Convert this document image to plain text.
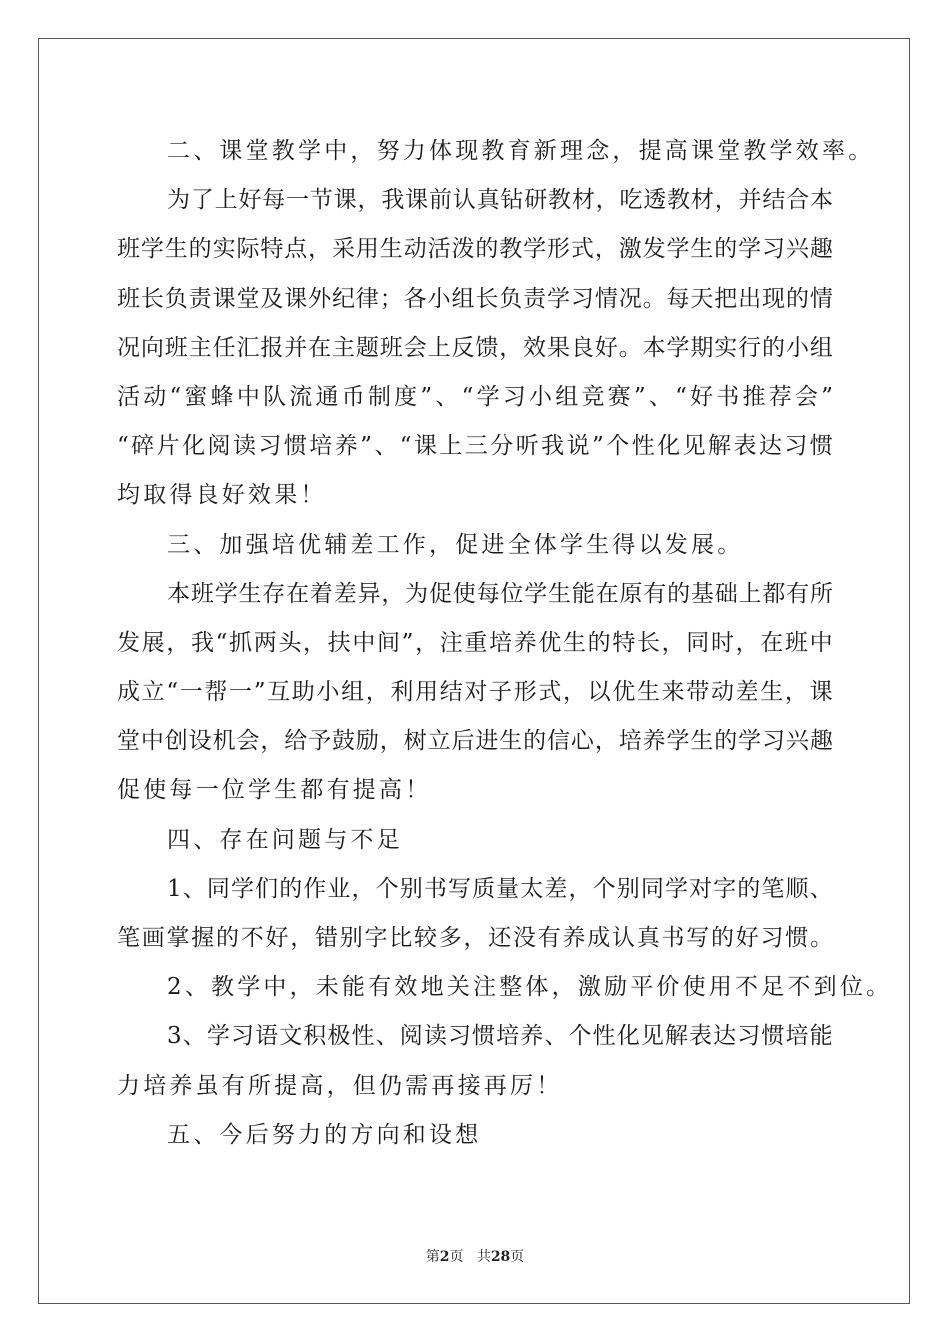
二、课堂教学中，努力体现教育新理念，提高课堂教学效率。
为 了 上 好 每 一 节 课 ， 我 课 前 认 真 钻 研 教 材 ， 吃 透 教 材 ， 并 结 合 本
班 学 生 的 实 际 特 点 ， 采 用 生 动 活 泼 的 教 学 形 式 ， 激 发 学 生 的 学 习 兴 趣
班 长 负 责 课 堂 及 课 外 纪 律 ； 各 小 组 长 负 责 学 习 情 况 。 每 天 把 出 现 的 情
况 向 班 主 任 汇 报 并 在 主 题 班 会 上 反 馈 ， 效 果 良 好 。 本 学 期 实 行 的 小 组
活 动 “ 蜜 蜂 中 队 流 通 币 制 度 ” 、 “ 学 习 小 组 竞 赛 ” 、 “ 好 书 推 荐 会 ”
“ 碎 片 化 阅 读 习 惯 培 养 ” 、 “ 课 上 三 分 听 我 说 ” 个 性 化 见 解 表 达 习 惯
均取得良好效果！
三、加强培优辅差工作，促进全体学生得以发展。
本 班 学 生 存 在 着 差 异 ， 为 促 使 每 位 学 生 能 在 原 有 的 基 础 上 都 有 所
发 展 ， 我 “ 抓 两 头 ， 扶 中 间 ” ， 注 重 培 养 优 生 的 特 长 ， 同 时 ， 在 班 中
成 立 “ 一 帮 一 ” 互 助 小 组 ， 利 用 结 对 子 形 式 ， 以 优 生 来 带 动 差 生 ， 课
堂 中 创 设 机 会 ， 给 予 鼓 励 ， 树 立 后 进 生 的 信 心 ， 培 养 学 生 的 学 习 兴 趣
促使每一位学生都有提高！
四、存在问题与不足
1 、 同 学 们 的 作 业 ， 个 别 书 写 质 量 太 差 ， 个 别 同 学 对 字 的 笔 顺 、
笔 画 掌 握 的 不 好 ， 错 别 字 比 较 多 ， 还 没 有 养 成 认 真 书 写 的 好 习 惯 。
2、教学中，未能有效地关注整体，激励平价使用不足不到位。
3 、 学 习 语 文 积 极 性 、 阅 读 习 惯 培 养 、 个 性 化 见 解 表 达 习 惯 培 能
力培养虽有所提高，但仍需再接再厉！
五、今后努力的方向和设想
第2页 共28页
